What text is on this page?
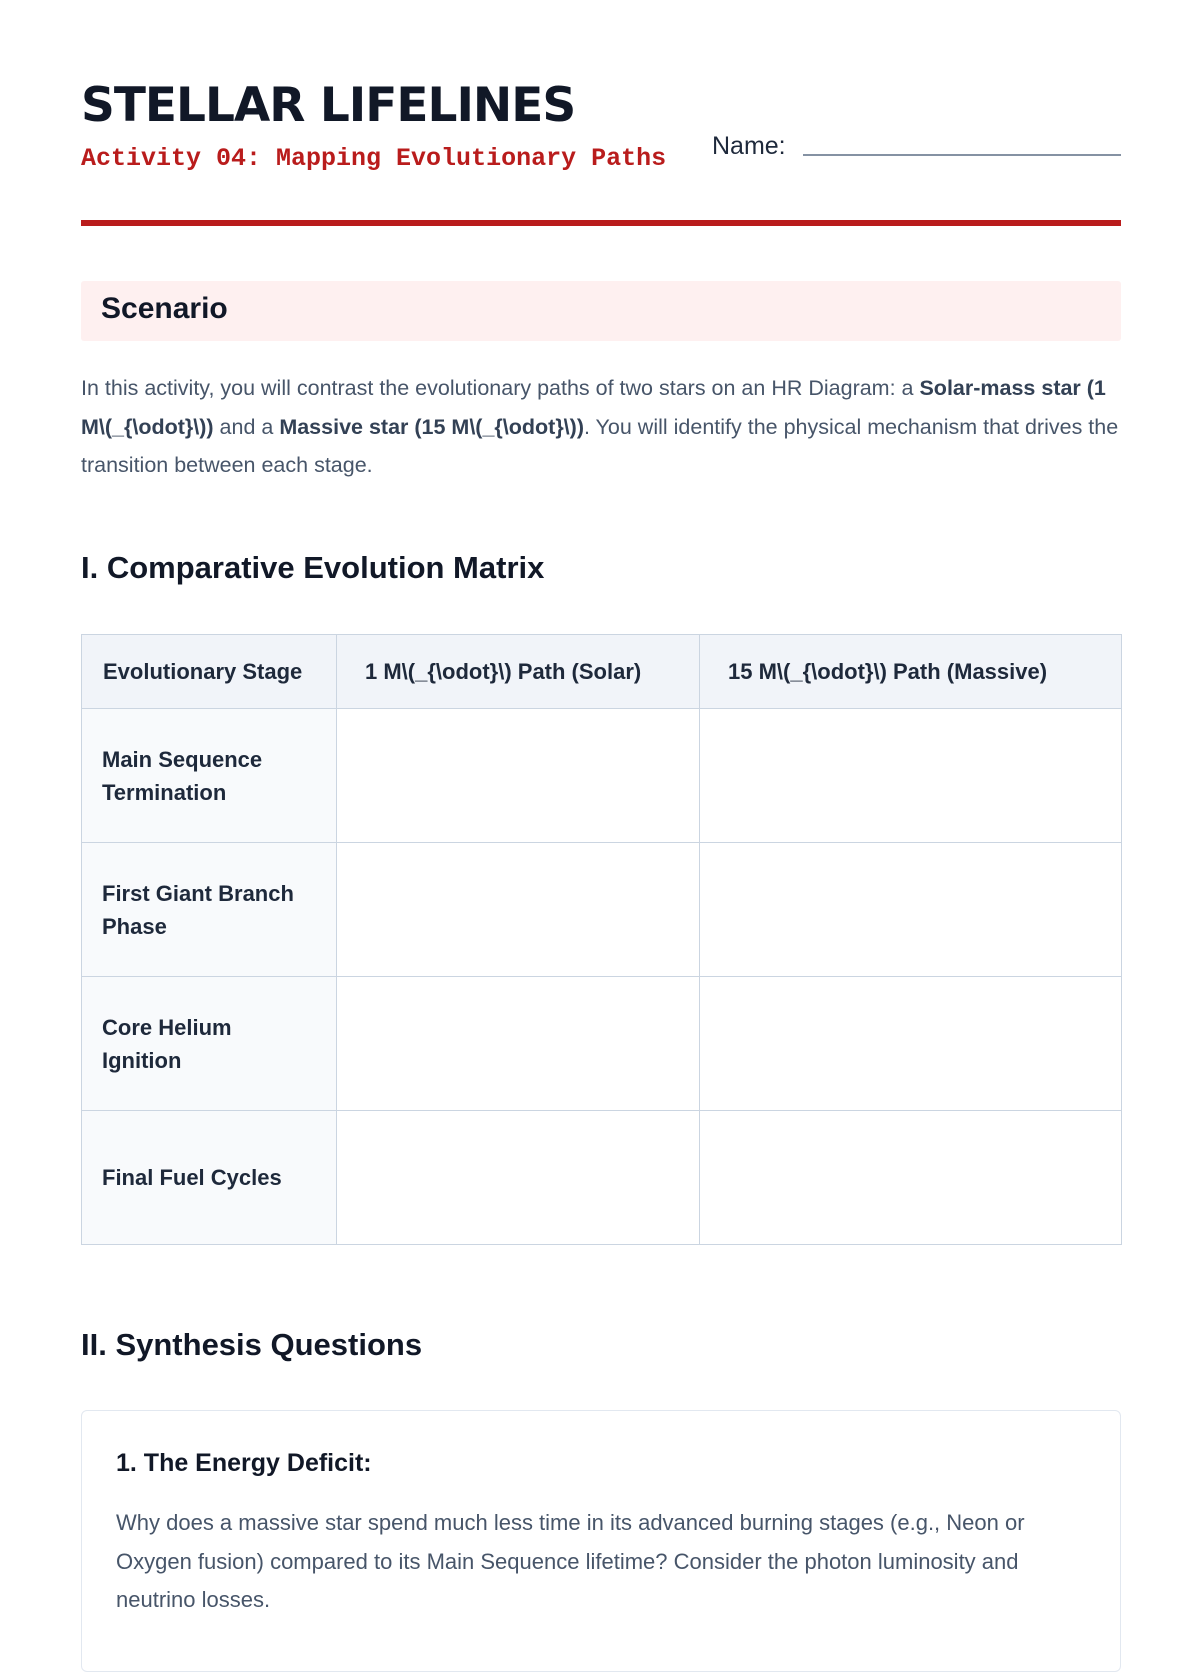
STELLAR LIFELINES
Activity 04: Mapping Evolutionary Paths Name:
Scenario

In this activity, you will contrast the evolutionary paths of two stars on an HR Diagram: a Solar-mass star (1 M\(_{\odot}\)) and a Massive star (15 M\(_{\odot}\)). You will identify the physical mechanism that drives the transition between each stage.

I. Comparative Evolution Matrix
Evolutionary Stage	1 M\(_{\odot}\) Path (Solar)	15 M\(_{\odot}\) Path (Massive)
Main Sequence Termination		
First Giant Branch Phase		
Core Helium Ignition		
Final Fuel Cycles		
II. Synthesis Questions
1. The Energy Deficit:

Why does a massive star spend much less time in its advanced burning stages (e.g., Neon or Oxygen fusion) compared to its Main Sequence lifetime? Consider the photon luminosity and neutrino losses.
